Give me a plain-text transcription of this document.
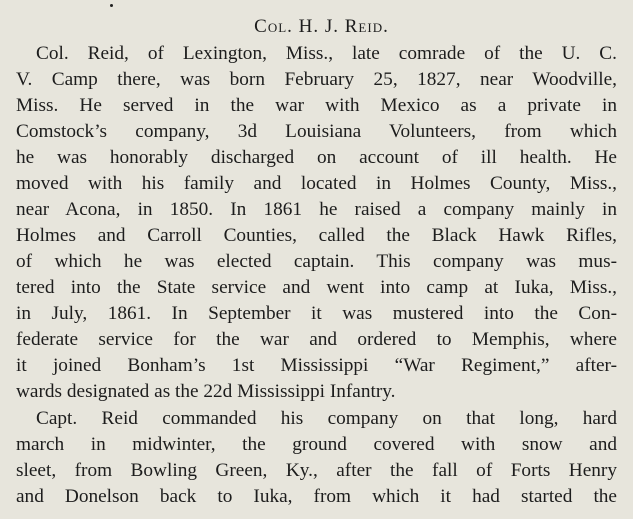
Col. H. J. Reid.
Col. Reid, of Lexington, Miss., late comrade of the U. C.
V. Camp there, was born February 25, 1827, near Woodville,
Miss. He served in the war with Mexico as a private in
Comstock’s company, 3d Louisiana Volunteers, from which
he was honorably discharged on account of ill health. He
moved with his family and located in Holmes County, Miss.,
near Acona, in 1850. In 1861 he raised a company mainly in
Holmes and Carroll Counties, called the Black Hawk Rifles,
of which he was elected captain. This company was mus-
tered into the State service and went into camp at Iuka, Miss.,
in July, 1861. In September it was mustered into the Con-
federate service for the war and ordered to Memphis, where
it joined Bonham’s 1st Mississippi “War Regiment,” after-
wards designated as the 22d Mississippi Infantry.
Capt. Reid commanded his company on that long, hard
march in midwinter, the ground covered with snow and
sleet, from Bowling Green, Ky., after the fall of Forts Henry
and Donelson back to Iuka, from which it had started the
